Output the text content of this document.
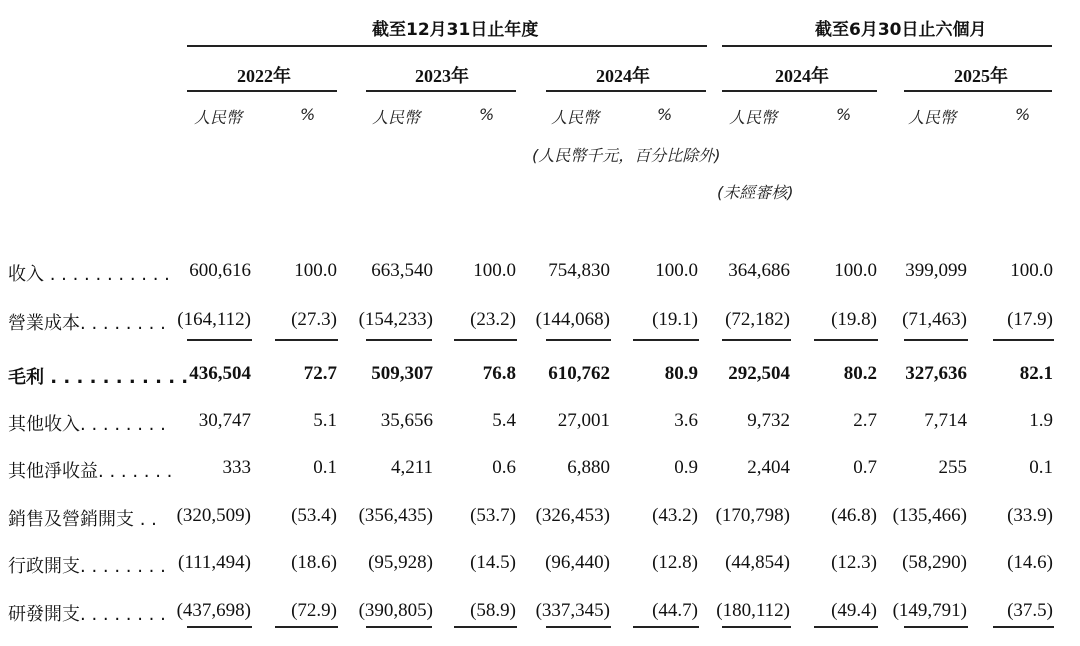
截至12月31日止年度	截至6月30日止六個月
2022年	2023年	2024年	2024年	2025年
人民幣	%	人民幣	%	人民幣	%	人民幣	%	人民幣	%
(人民幣千元，百分比除外)
(未經審核)
收入 . . . . . . . . . . . 600,616 100.0 663,540 100.0 754,830 100.0 364,686 100.0 399,099 100.0
營業成本. . . . . . . . (164,112) (27.3) (154,233) (23.2) (144,068) (19.1) (72,182) (19.8) (71,463) (17.9)
毛利 . . . . . . . . . . . 436,504	72.7 509,307	76.8 610,762	80.9 292,504	80.2 327,636	82.1
其他收入. . . . . . . . 30,747	5.1 35,656	5.4 27,001	3.6	9,732	2.7 7,714	1.9
其他淨收益. . . . . . .	333	0.1	4,211	0.6	6,880	0.9	2,404	0.7	255	0.1
銷售及營銷開支 . . (320,509) (53.4) (356,435) (53.7) (326,453) (43.2) (170,798) (46.8) (135,466) (33.9)
行政開支. . . . . . . . (111,494) (18.6) (95,928) (14.5) (96,440) (12.8) (44,854) (12.3) (58,290) (14.6)
研發開支. . . . . . . . (437,698) (72.9) (390,805) (58.9) (337,345) (44.7) (180,112) (49.4) (149,791) (37.5)
